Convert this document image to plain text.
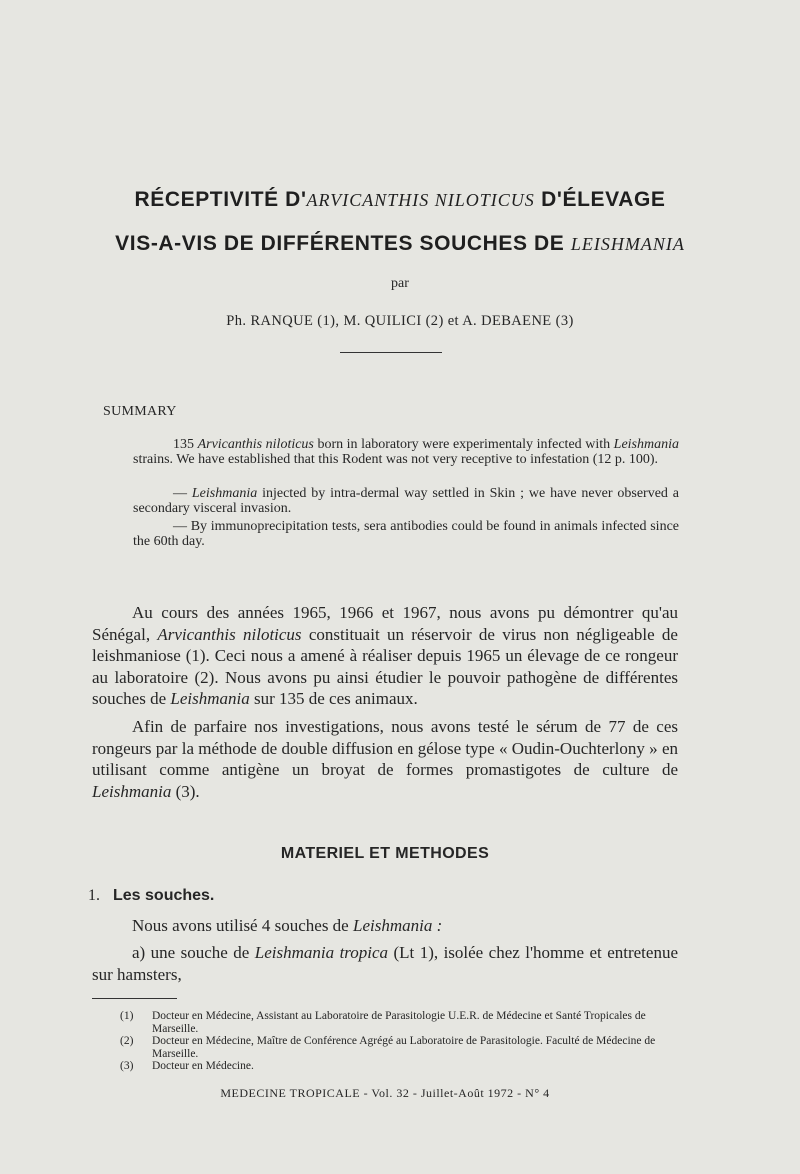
RÉCEPTIVITÉ D'ARVICANTHIS NILOTICUS D'ÉLEVAGE
VIS-A-VIS DE DIFFÉRENTES SOUCHES DE LEISHMANIA
par
Ph. RANQUE (1), M. QUILICI (2) et A. DEBAENE (3)
SUMMARY
135 Arvicanthis niloticus born in laboratory were experimentaly infected with Leishmania strains. We have established that this Rodent was not very receptive to infestation (12 p. 100).
— Leishmania injected by intra-dermal way settled in Skin ; we have never observed a secondary visceral invasion.
— By immunoprecipitation tests, sera antibodies could be found in animals infected since the 60th day.
Au cours des années 1965, 1966 et 1967, nous avons pu démontrer qu'au Sénégal, Arvicanthis niloticus constituait un réservoir de virus non négligeable de leishmaniose (1). Ceci nous a amené à réaliser depuis 1965 un élevage de ce rongeur au laboratoire (2). Nous avons pu ainsi étudier le pouvoir pathogène de différentes souches de Leishmania sur 135 de ces animaux.
Afin de parfaire nos investigations, nous avons testé le sérum de 77 de ces rongeurs par la méthode de double diffusion en gélose type « Oudin-Ouchterlony » en utilisant comme antigène un broyat de formes promastigotes de culture de Leishmania (3).
MATERIEL ET METHODES
1. Les souches.
Nous avons utilisé 4 souches de Leishmania :
a) une souche de Leishmania tropica (Lt 1), isolée chez l'homme et entretenue sur hamsters,
(1)	Docteur en Médecine, Assistant au Laboratoire de Parasitologie U.E.R. de Médecine et Santé Tropicales de Marseille.
(2)	Docteur en Médecine, Maître de Conférence Agrégé au Laboratoire de Parasitologie. Faculté de Médecine de Marseille.
(3)	Docteur en Médecine.
MEDECINE TROPICALE - Vol. 32 - Juillet-Août 1972 - N° 4
